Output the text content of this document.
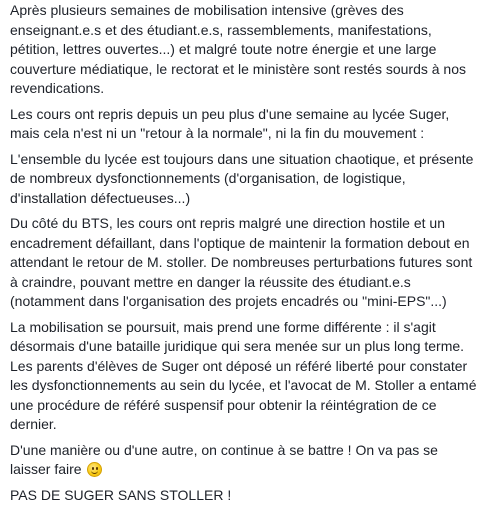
Après plusieurs semaines de mobilisation intensive (grèves des
enseignant.e.s et des étudiant.e.s, rassemblements, manifestations,
pétition, lettres ouvertes...) et malgré toute notre énergie et une large
couverture médiatique, le rectorat et le ministère sont restés sourds à nos
revendications.

Les cours ont repris depuis un peu plus d'une semaine au lycée Suger,
mais cela n'est ni un "retour à la normale", ni la fin du mouvement :

L'ensemble du lycée est toujours dans une situation chaotique, et présente
de nombreux dysfonctionnements (d'organisation, de logistique,
d'installation défectueuses...)

Du côté du BTS, les cours ont repris malgré une direction hostile et un
encadrement défaillant, dans l'optique de maintenir la formation debout en
attendant le retour de M. stoller. De nombreuses perturbations futures sont
à craindre, pouvant mettre en danger la réussite des étudiant.e.s
(notamment dans l'organisation des projets encadrés ou "mini-EPS"...)

La mobilisation se poursuit, mais prend une forme différente : il s'agit
désormais d'une bataille juridique qui sera menée sur un plus long terme.
Les parents d'élèves de Suger ont déposé un référé liberté pour constater
les dysfonctionnements au sein du lycée, et l'avocat de M. Stoller a entamé
une procédure de référé suspensif pour obtenir la réintégration de ce
dernier.

D'une manière ou d'une autre, on continue à se battre ! On va pas se
laisser faire

PAS DE SUGER SANS STOLLER !
